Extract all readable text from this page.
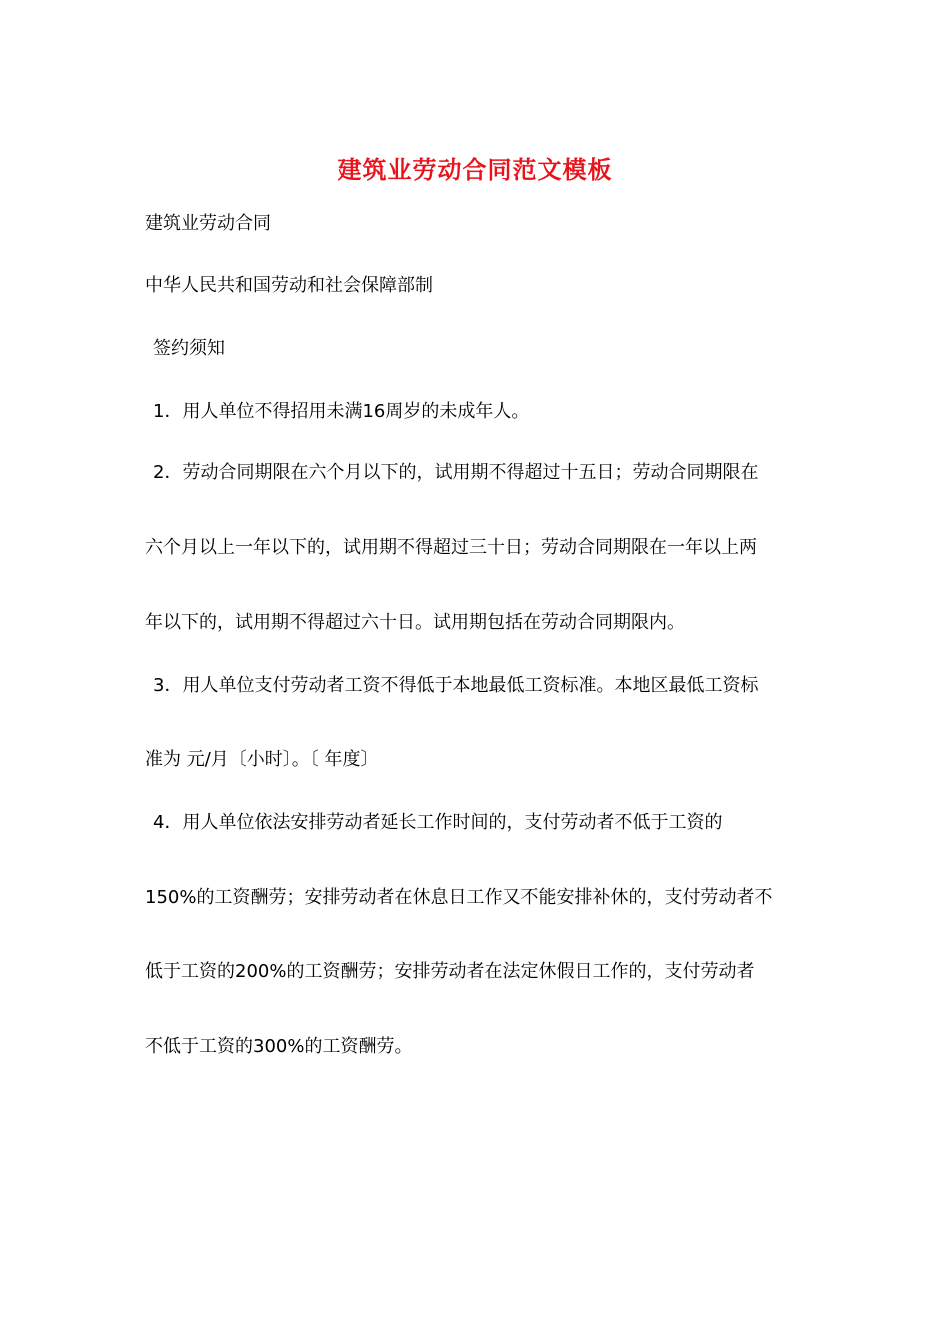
建筑业劳动合同范文模板
建筑业劳动合同
中华人民共和国劳动和社会保障部制
签约须知
1．用人单位不得招用未满16周岁的未成年人。
2．劳动合同期限在六个月以下的，试用期不得超过十五日；劳动合同期限在
六个月以上一年以下的，试用期不得超过三十日；劳动合同期限在一年以上两
年以下的，试用期不得超过六十日。试用期包括在劳动合同期限内。
3．用人单位支付劳动者工资不得低于本地最低工资标准。本地区最低工资标
准为 元/月〔小时〕。〔 年度〕
4．用人单位依法安排劳动者延长工作时间的，支付劳动者不低于工资的
150%的工资酬劳；安排劳动者在休息日工作又不能安排补休的，支付劳动者不
低于工资的200%的工资酬劳；安排劳动者在法定休假日工作的，支付劳动者
不低于工资的300%的工资酬劳。
